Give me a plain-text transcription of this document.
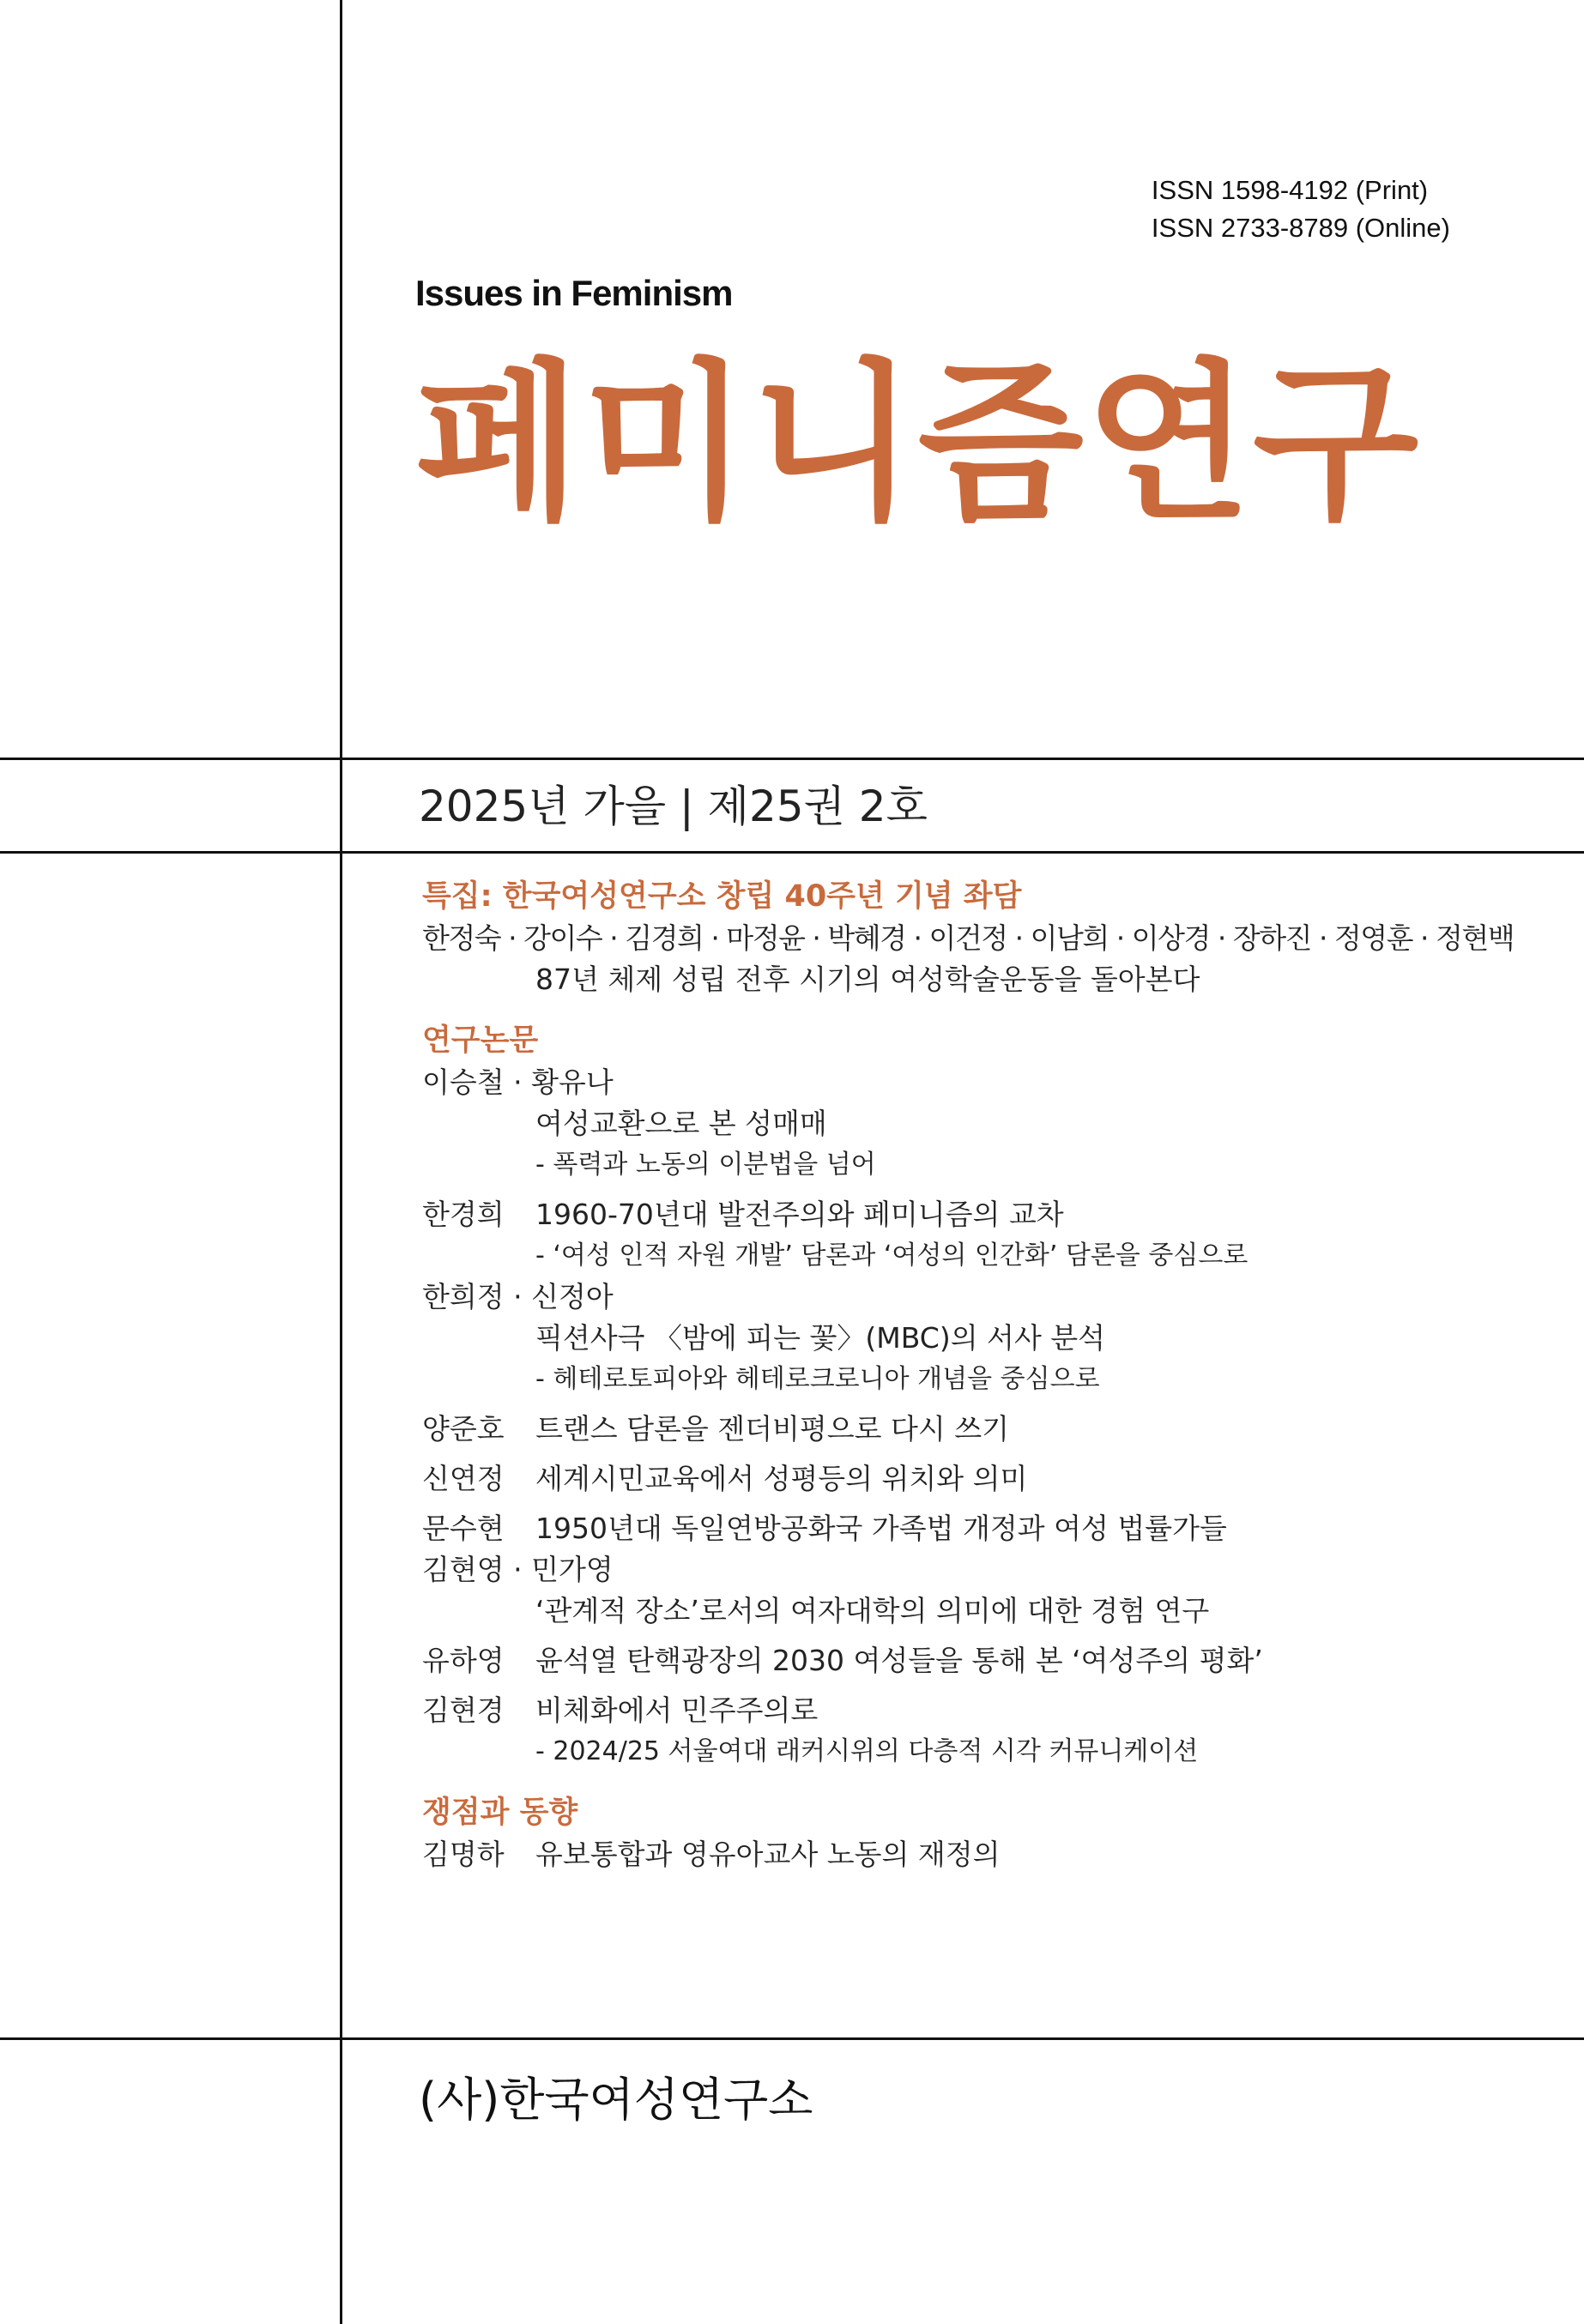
ISSN 1598-4192 (Print)
ISSN 2733-8789 (Online)
Issues in Feminism
페미니즘연구
2025년 가을 | 제25권 2호
특집: 한국여성연구소 창립 40주년 기념 좌담
한정숙 · 강이수 · 김경희 · 마정윤 · 박혜경 · 이건정 · 이남희 · 이상경 · 장하진 · 정영훈 · 정현백
87년 체제 성립 전후 시기의 여성학술운동을 돌아본다
연구논문
이승철 · 황유나
여성교환으로 본 성매매
- 폭력과 노동의 이분법을 넘어
한경희	1960-70년대 발전주의와 페미니즘의 교차
- ‘여성 인적 자원 개발’ 담론과 ‘여성의 인간화’ 담론을 중심으로
한희정 · 신정아
픽션사극 〈밤에 피는 꽃〉(MBC)의 서사 분석
- 헤테로토피아와 헤테로크로니아 개념을 중심으로
양준호	트랜스 담론을 젠더비평으로 다시 쓰기
신연정	세계시민교육에서 성평등의 위치와 의미
문수현	1950년대 독일연방공화국 가족법 개정과 여성 법률가들
김현영 · 민가영
‘관계적 장소’로서의 여자대학의 의미에 대한 경험 연구
유하영	윤석열 탄핵광장의 2030 여성들을 통해 본 ‘여성주의 평화’
김현경	비체화에서 민주주의로
- 2024/25 서울여대 래커시위의 다층적 시각 커뮤니케이션
쟁점과 동향
김명하	유보통합과 영유아교사 노동의 재정의
(사)한국여성연구소
